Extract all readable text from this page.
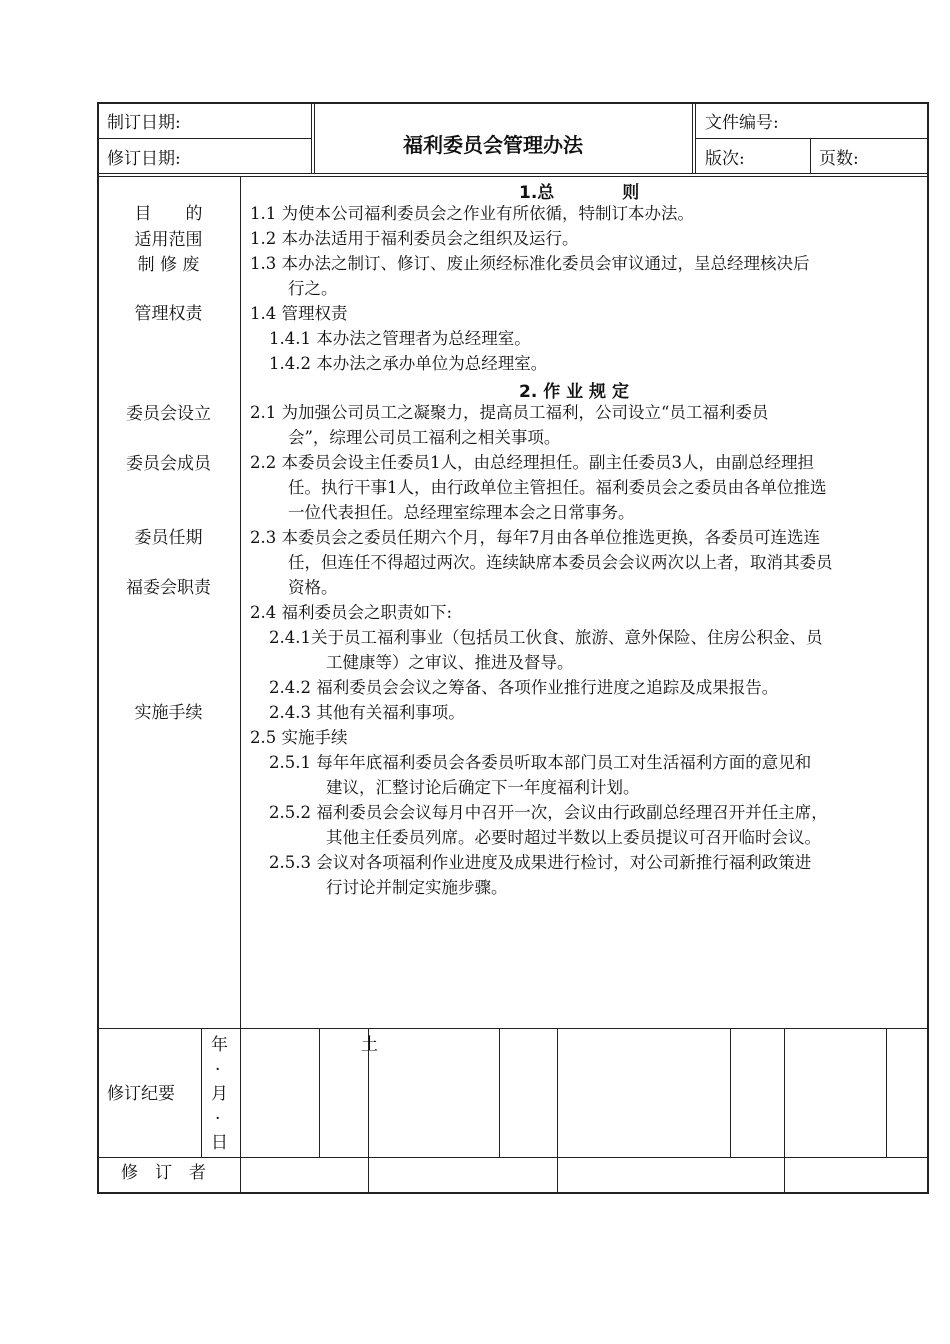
制订日期:
修订日期:
福利委员会管理办法
文件编号:
版次:	页数:
目　　的
适用范围
制 修 废
管理权责
委员会设立
委员会成员
委员任期
福委会职责
实施手续
1.总　　　　则
1.1 为使本公司福利委员会之作业有所依循，特制订本办法。
1.2 本办法适用于福利委员会之组织及运行。
1.3 本办法之制订、修订、废止须经标准化委员会审议通过，呈总经理核决后
行之。
1.4 管理权责
1.4.1 本办法之管理者为总经理室。
1.4.2 本办法之承办单位为总经理室。
2. 作 业 规 定
2.1 为加强公司员工之凝聚力，提高员工福利，公司设立“员工福利委员
会”，综理公司员工福利之相关事项。
2.2 本委员会设主任委员1人，由总经理担任。副主任委员3人，由副总经理担
任。执行干事1人，由行政单位主管担任。福利委员会之委员由各单位推选
一位代表担任。总经理室综理本会之日常事务。
2.3 本委员会之委员任期六个月，每年7月由各单位推选更换，各委员可连选连
任，但连任不得超过两次。连续缺席本委员会会议两次以上者，取消其委员
资格。
2.4 福利委员会之职责如下:
2.4.1关于员工福利事业（包括员工伙食、旅游、意外保险、住房公积金、员
工健康等）之审议、推进及督导。
2.4.2 福利委员会会议之筹备、各项作业推行进度之追踪及成果报告。
2.4.3 其他有关福利事项。
2.5 实施手续
2.5.1 每年年底福利委员会各委员听取本部门员工对生活福利方面的意见和
建议，汇整讨论后确定下一年度福利计划。
2.5.2 福利委员会会议每月中召开一次，会议由行政副总经理召开并任主席，
其他主任委员列席。必要时超过半数以上委员提议可召开临时会议。
2.5.3 会议对各项福利作业进度及成果进行检讨，对公司新推行福利政策进
行讨论并制定实施步骤。
修订纪要
年
·
月
·
日
土
修　订　者
